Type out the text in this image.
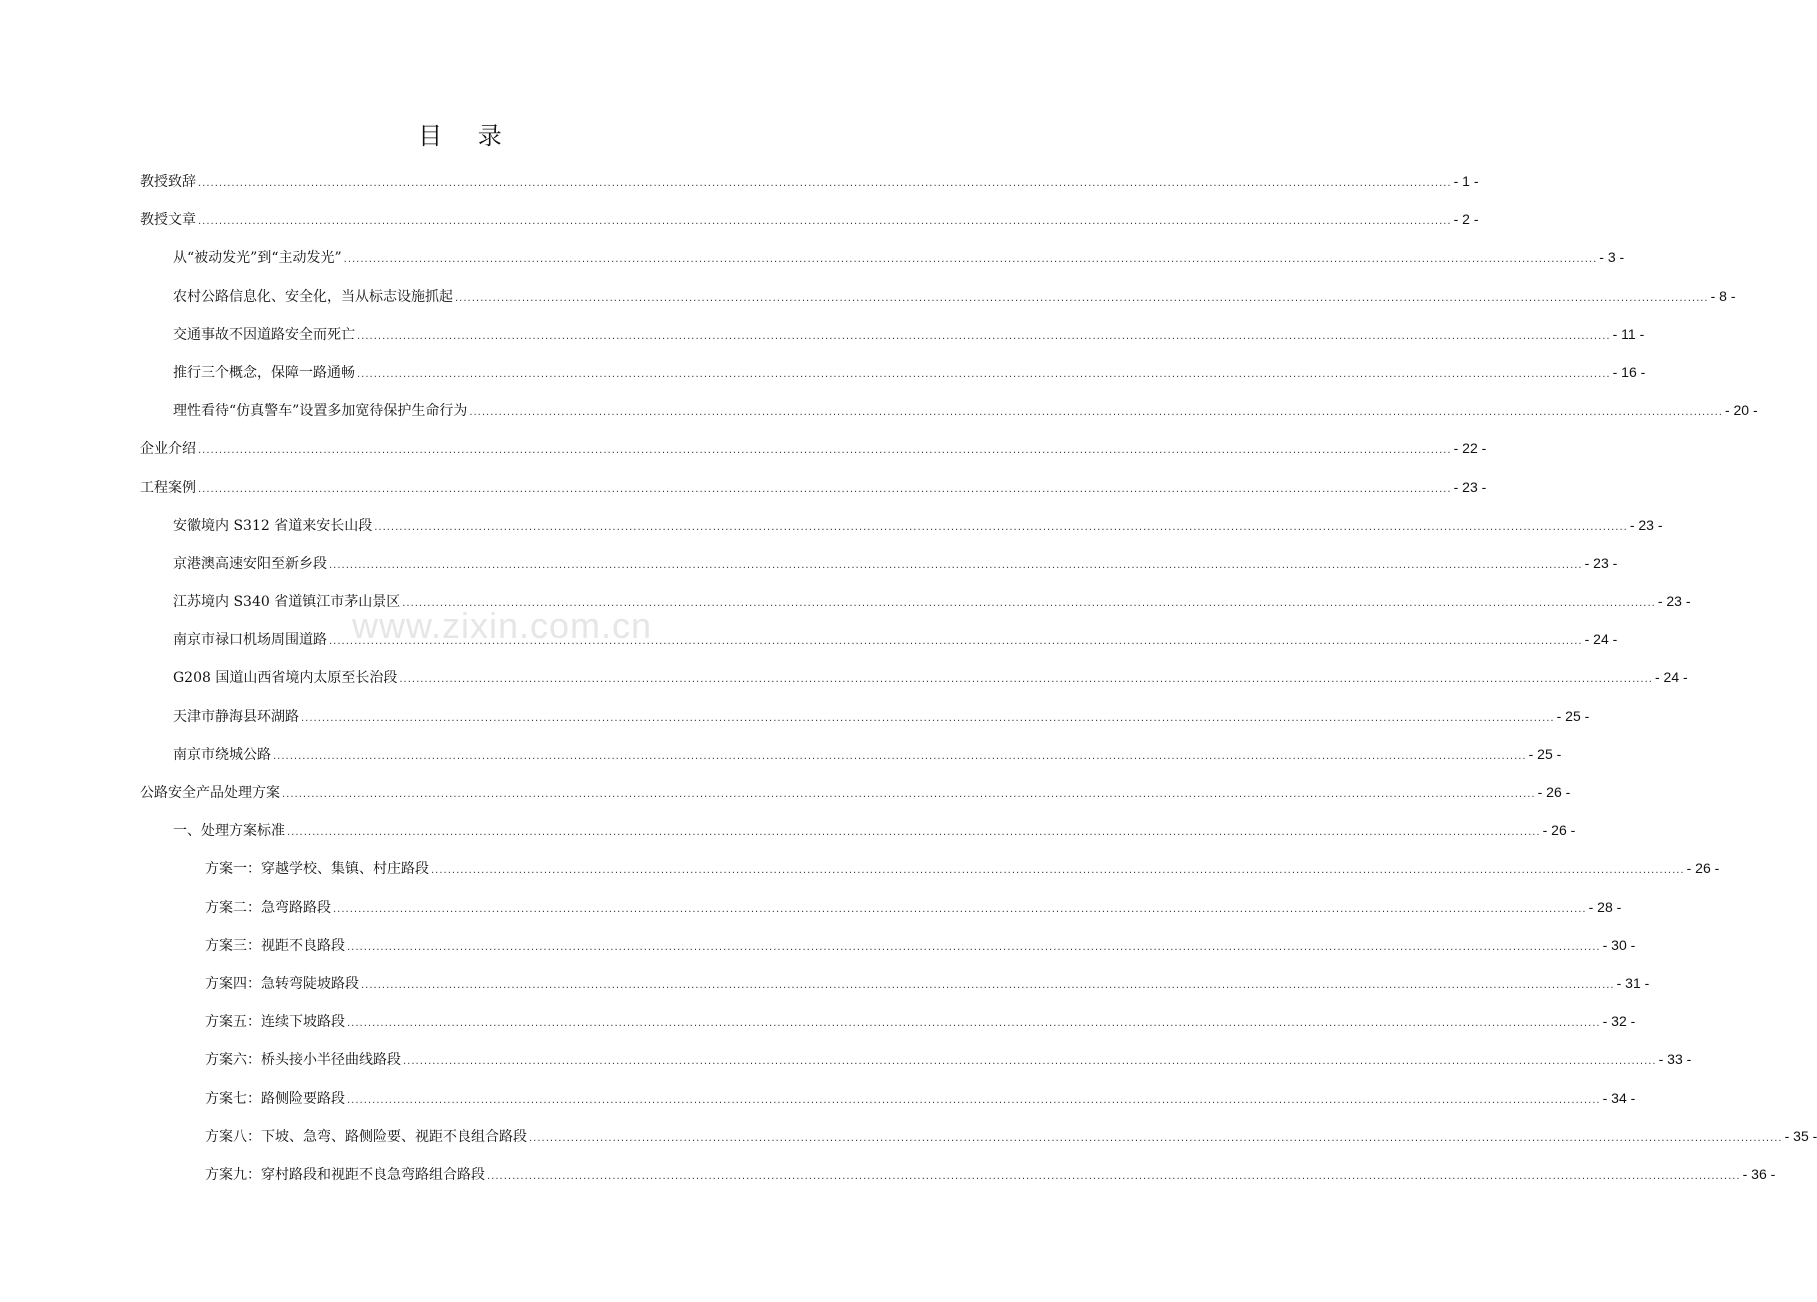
目 录
www.zixin.com.cn
教授致辞 ............................................................................................................................................................................................................................................................................................................ - 1 -
教授文章 ............................................................................................................................................................................................................................................................................................................ - 2 -
从“被动发光”到“主动发光” ............................................................................................................................................................................................................................................................................................................ - 3 -
农村公路信息化、安全化，当从标志设施抓起 ............................................................................................................................................................................................................................................................................................................ - 8 -
交通事故不因道路安全而死亡 ............................................................................................................................................................................................................................................................................................................ - 11 -
推行三个概念，保障一路通畅 ............................................................................................................................................................................................................................................................................................................ - 16 -
理性看待“仿真警车”设置多加宽待保护生命行为 ............................................................................................................................................................................................................................................................................................................ - 20 -
企业介绍 ............................................................................................................................................................................................................................................................................................................ - 22 -
工程案例 ............................................................................................................................................................................................................................................................................................................ - 23 -
安徽境内 S312 省道来安长山段 ............................................................................................................................................................................................................................................................................................................ - 23 -
京港澳高速安阳至新乡段 ............................................................................................................................................................................................................................................................................................................ - 23 -
江苏境内 S340 省道镇江市茅山景区 ............................................................................................................................................................................................................................................................................................................ - 23 -
南京市禄口机场周围道路 ............................................................................................................................................................................................................................................................................................................ - 24 -
G208 国道山西省境内太原至长治段 ............................................................................................................................................................................................................................................................................................................ - 24 -
天津市静海县环湖路 ............................................................................................................................................................................................................................................................................................................ - 25 -
南京市绕城公路 ............................................................................................................................................................................................................................................................................................................ - 25 -
公路安全产品处理方案 ............................................................................................................................................................................................................................................................................................................ - 26 -
一、处理方案标准 ............................................................................................................................................................................................................................................................................................................ - 26 -
方案一：穿越学校、集镇、村庄路段 ............................................................................................................................................................................................................................................................................................................ - 26 -
方案二：急弯路路段 ............................................................................................................................................................................................................................................................................................................ - 28 -
方案三：视距不良路段 ............................................................................................................................................................................................................................................................................................................ - 30 -
方案四：急转弯陡坡路段 ............................................................................................................................................................................................................................................................................................................ - 31 -
方案五：连续下坡路段 ............................................................................................................................................................................................................................................................................................................ - 32 -
方案六：桥头接小半径曲线路段 ............................................................................................................................................................................................................................................................................................................ - 33 -
方案七：路侧险要路段 ............................................................................................................................................................................................................................................................................................................ - 34 -
方案八：下坡、急弯、路侧险要、视距不良组合路段 ............................................................................................................................................................................................................................................................................................................ - 35 -
方案九：穿村路段和视距不良急弯路组合路段 ............................................................................................................................................................................................................................................................................................................ - 36 -
